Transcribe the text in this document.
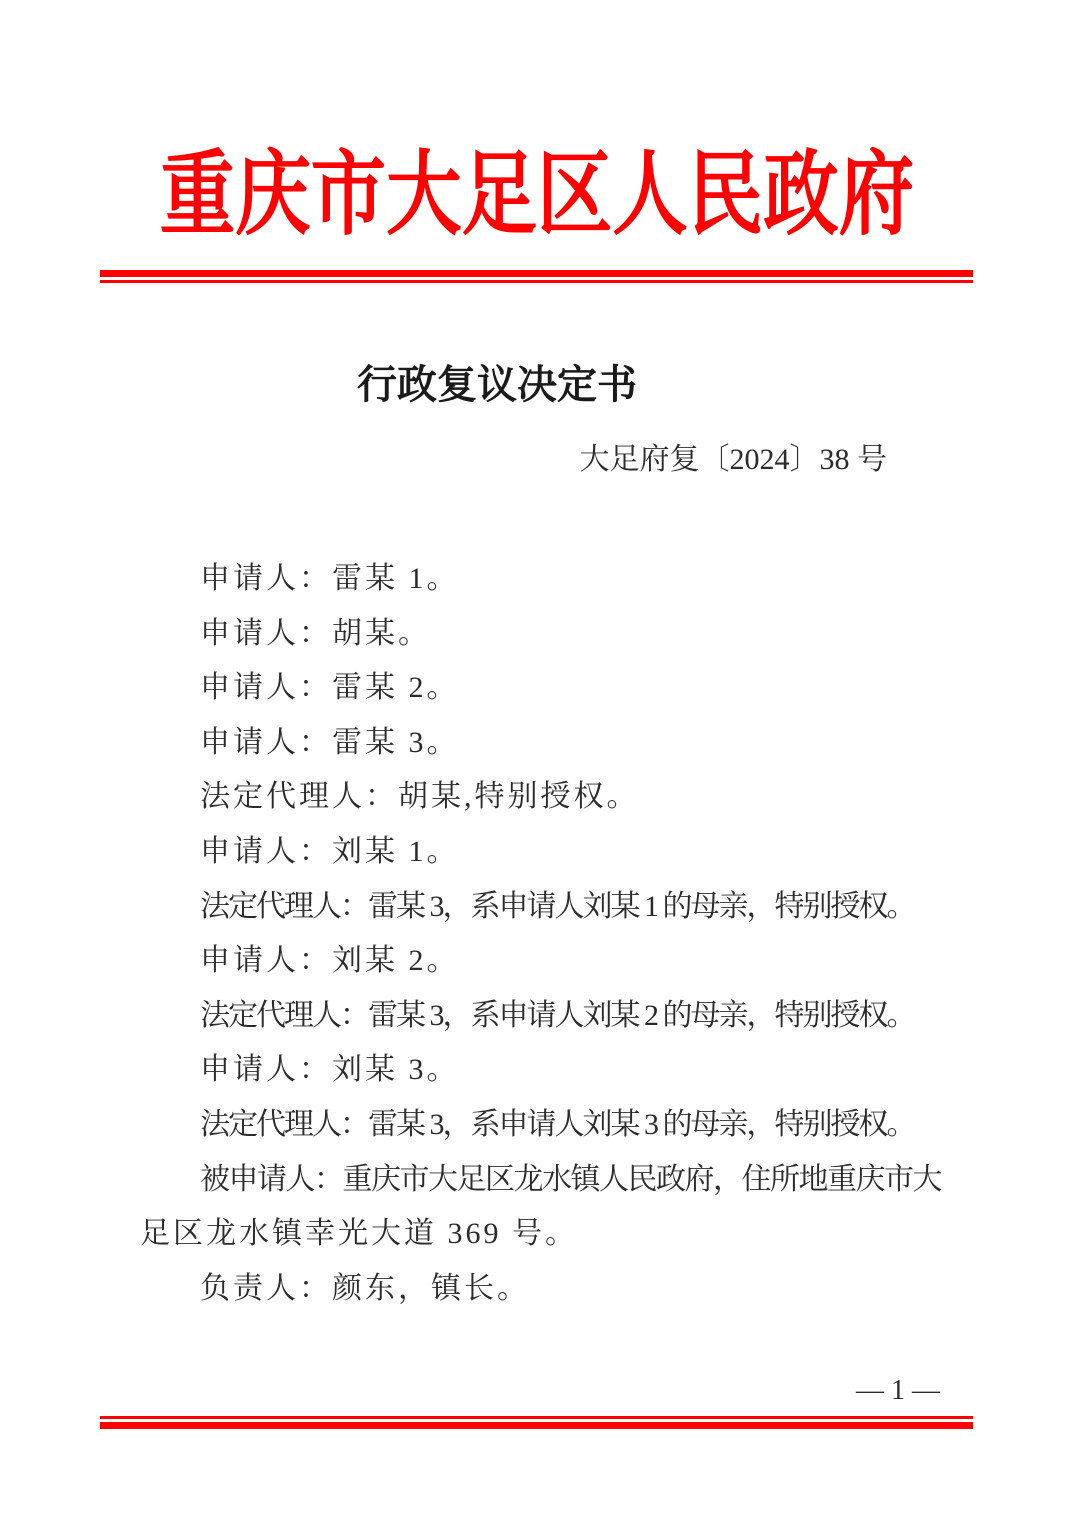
重庆市大足区人民政府
行政复议决定书
大足府复〔2024〕38 号

申请人：雷某 1。

申请人：胡某。

申请人：雷某 2。

申请人：雷某 3。

法定代理人：胡某,特别授权。

申请人：刘某 1。

法定代理人：雷某 3，系申请人刘某 1 的母亲，特别授权。

申请人：刘某 2。

法定代理人：雷某 3，系申请人刘某 2 的母亲，特别授权。

申请人：刘某 3。

法定代理人：雷某 3，系申请人刘某 3 的母亲，特别授权。

被申请人：重庆市大足区龙水镇人民政府，住所地重庆市大

足区龙水镇幸光大道 369 号。

负责人：颜东，镇长。

— 1 —
